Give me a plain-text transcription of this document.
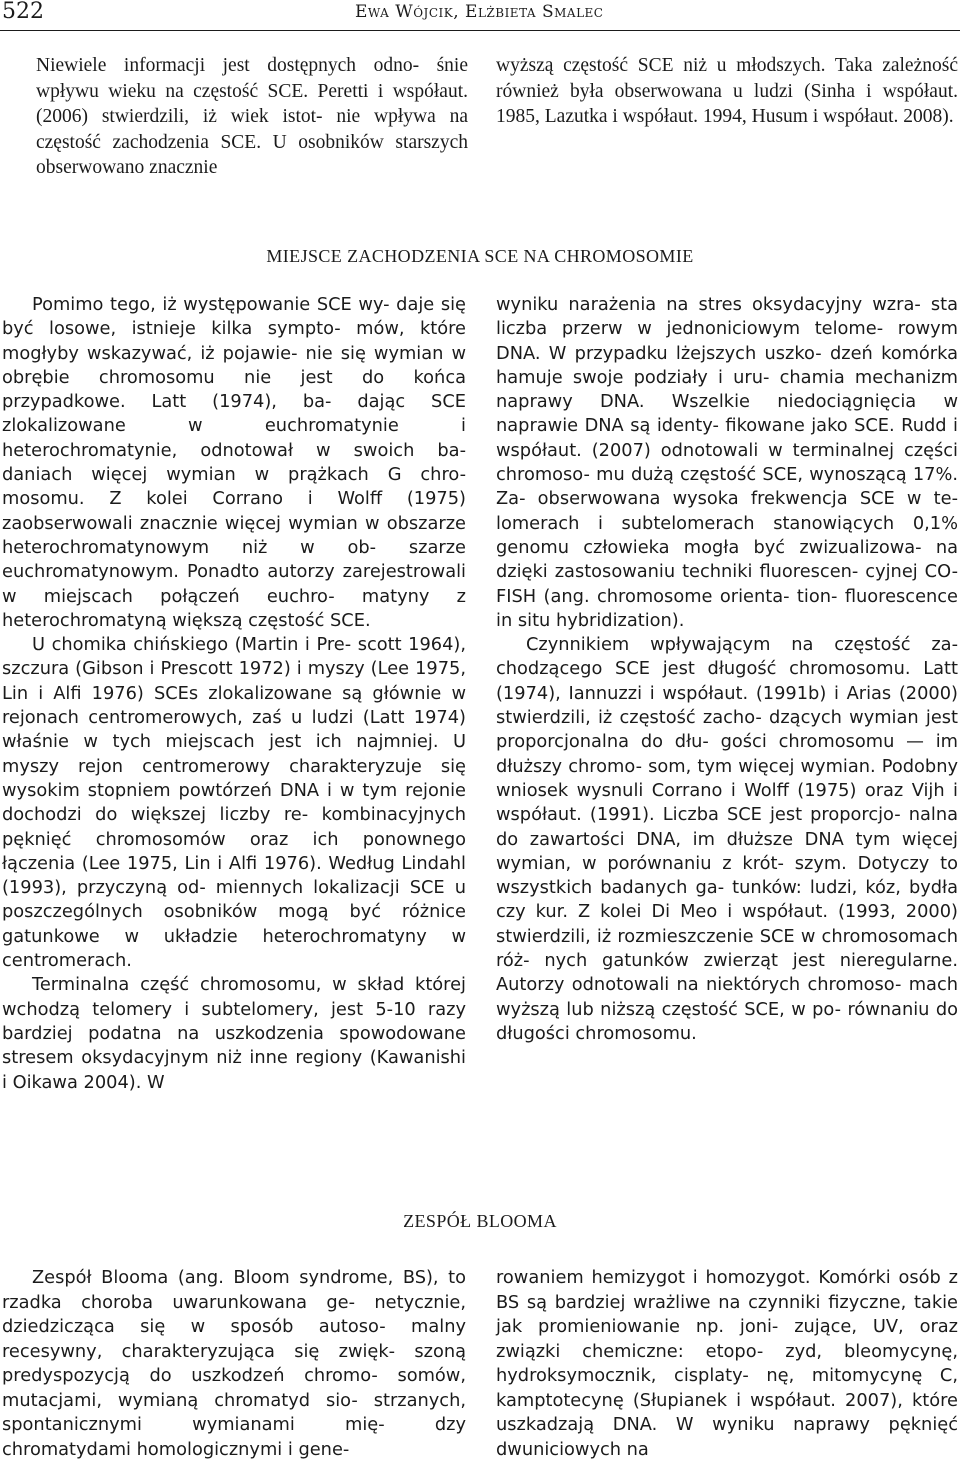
522	Ewa Wójcik, Elżbieta Smalec

Niewiele informacji jest dostępnych odno- śnie wpływu wieku na częstość SCE. Peretti i współaut. (2006) stwierdzili, iż wiek istot- nie wpływa na częstość zachodzenia SCE. U osobników starszych obserwowano znacznie

wyższą częstość SCE niż u młodszych. Taka zależność również była obserwowana u ludzi (Sinha i współaut. 1985, Lazutka i współaut. 1994, Husum i współaut. 2008).

MIEJSCE ZACHODZENIA SCE NA CHROMOSOMIE

Pomimo tego, iż występowanie SCE wy- daje się być losowe, istnieje kilka sympto- mów, które mogłyby wskazywać, iż pojawie- nie się wymian w obrębie chromosomu nie jest do końca przypadkowe. Latt (1974), ba- dając SCE zlokalizowane w euchromatynie i heterochromatynie, odnotował w swoich ba- daniach więcej wymian w prążkach G chro- mosomu. Z kolei Corrano i Wolff (1975) zaobserwowali znacznie więcej wymian w obszarze heterochromatynowym niż w ob- szarze euchromatynowym. Ponadto autorzy zarejestrowali w miejscach połączeń euchro- matyny z heterochromatyną większą częstość SCE.

U chomika chińskiego (Martin i Pre- scott 1964), szczura (Gibson i Prescott 1972) i myszy (Lee 1975, Lin i Alfi 1976) SCEs zlokalizowane są głównie w rejonach centromerowych, zaś u ludzi (Latt 1974) właśnie w tych miejscach jest ich najmniej. U myszy rejon centromerowy charakteryzuje się wysokim stopniem powtórzeń DNA i w tym rejonie dochodzi do większej liczby re- kombinacyjnych pęknięć chromosomów oraz ich ponownego łączenia (Lee 1975, Lin i Alfi 1976). Według Lindahl (1993), przyczyną od- miennych lokalizacji SCE u poszczególnych osobników mogą być różnice gatunkowe w układzie heterochromatyny w centromerach.

Terminalna część chromosomu, w skład której wchodzą telomery i subtelomery, jest 5-10 razy bardziej podatna na uszkodzenia spowodowane stresem oksydacyjnym niż inne regiony (Kawanishi i Oikawa 2004). W

wyniku narażenia na stres oksydacyjny wzra- sta liczba przerw w jednoniciowym telome- rowym DNA. W przypadku lżejszych uszko- dzeń komórka hamuje swoje podziały i uru- chamia mechanizm naprawy DNA. Wszelkie niedociągnięcia w naprawie DNA są identy- fikowane jako SCE. Rudd i współaut. (2007) odnotowali w terminalnej części chromoso- mu dużą częstość SCE, wynoszącą 17%. Za- obserwowana wysoka frekwencja SCE w te- lomerach i subtelomerach stanowiących 0,1% genomu człowieka mogła być zwizualizowa- na dzięki zastosowaniu techniki fluorescen- cyjnej CO-FISH (ang. chromosome orienta- tion- fluorescence in situ hybridization).

Czynnikiem wpływającym na częstość za- chodzącego SCE jest długość chromosomu. Latt (1974), Iannuzzi i współaut. (1991b) i Arias (2000) stwierdzili, iż częstość zacho- dzących wymian jest proporcjonalna do dłu- gości chromosomu — im dłuższy chromo- som, tym więcej wymian. Podobny wniosek wysnuli Corrano i Wolff (1975) oraz Vijh i współaut. (1991). Liczba SCE jest proporcjo- nalna do zawartości DNA, im dłuższe DNA tym więcej wymian, w porównaniu z krót- szym. Dotyczy to wszystkich badanych ga- tunków: ludzi, kóz, bydła czy kur. Z kolei Di Meo i współaut. (1993, 2000) stwierdzili, iż rozmieszczenie SCE w chromosomach róż- nych gatunków zwierząt jest nieregularne. Autorzy odnotowali na niektórych chromoso- mach wyższą lub niższą częstość SCE, w po- równaniu do długości chromosomu.

ZESPÓŁ BLOOMA

Zespół Blooma (ang. Bloom syndrome, BS), to rzadka choroba uwarunkowana ge- netycznie, dziedzicząca się w sposób autoso- malny recesywny, charakteryzująca się zwięk- szoną predyspozycją do uszkodzeń chromo- somów, mutacjami, wymianą chromatyd sio- strzanych, spontanicznymi wymianami mię- dzy chromatydami homologicznymi i gene-

rowaniem hemizygot i homozygot. Komórki osób z BS są bardziej wrażliwe na czynniki fizyczne, takie jak promieniowanie np. joni- zujące, UV, oraz związki chemiczne: etopo- zyd, bleomycynę, hydroksymocznik, cisplaty- nę, mitomycynę C, kamptotecynę (Słupianek i współaut. 2007), które uszkadzają DNA. W wyniku naprawy pęknięć dwuniciowych na
